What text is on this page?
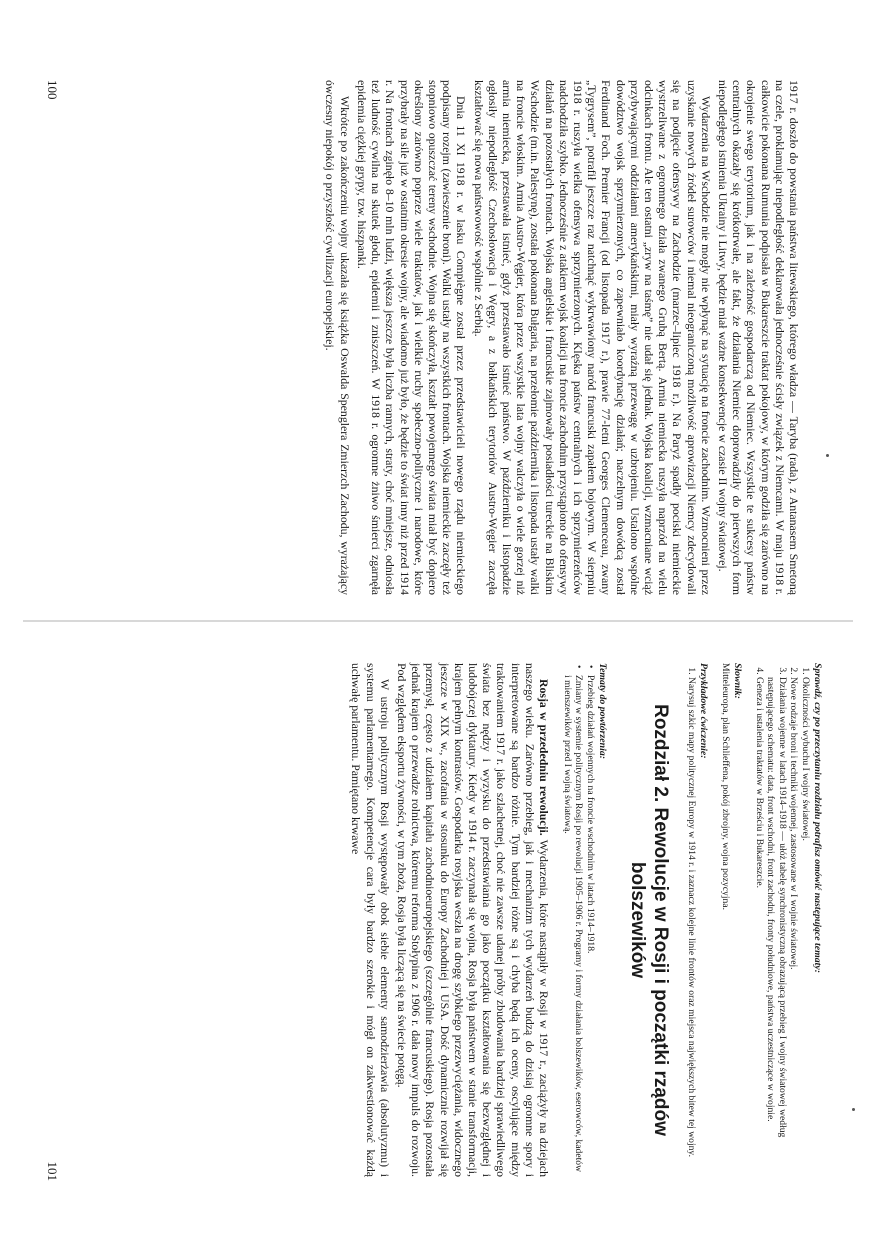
1917 r. doszło do powstania państwa litewskiego, którego władza — Taryba (rada), z Antanasem Smetoną na czele, proklamując niepodległość deklarowała jednocześnie ścisły związek z Niemcami. W maju 1918 r. całkowicie pokonana Rumunia podpisała w Bukareszcie traktat pokojowy, w którym godziła się zarówno na okrojenie swego terytorium, jak i na zależność gospodarczą od Niemiec. Wszystkie te sukcesy państw centralnych okazały się krótkotrwałe, ale fakt, że działania Niemiec doprowadziły do pierwszych form niepodległego istnienia Ukrainy i Litwy, będzie miał ważne konsekwencje w czasie II wojny światowej.

Wydarzenia na Wschodzie nie mogły nie wpłynąć na sytuację na froncie zachodnim. Wzmocnieni przez uzyskanie nowych źródeł surowców i niemal nieograniczoną możliwość aprowizacji Niemcy zdecydowali się na podjęcie ofensywy na Zachodzie (marzec–lipiec 1918 r.). Na Paryż spadły pociski niemieckie wystrzeliwane z ogromnego działa zwanego Grubą Bertą. Armia niemiecka ruszyła naprzód na wielu odcinkach frontu. Ale ten ostatni „zryw na taśmę” nie udał się jednak. Wojska koalicji, wzmacniane wciąż przybywającymi oddziałami amerykańskimi, miały wyraźną przewagę w uzbrojeniu. Ustalono wspólne dowództwo wojsk sprzymierzonych, co zapewniało koordynację działań; naczelnym dowódcą został Ferdinand Foch. Premier Francji (od listopada 1917 r.), prawie 77-letni Georges Clemenceau, zwany „Tygrysem”, potrafił jeszcze raz natchnąć wykrwawiony naród francuski zapałem bojowym. W sierpniu 1918 r. ruszyła wielka ofensywa sprzymierzonych. Klęska państw centralnych i ich sprzymierzeńców nadchodziła szybko. Jednocześnie z atakiem wojsk koalicji na froncie zachodnim przystąpiono do ofensywy działań na pozostałych frontach. Wojska angielskie i francuskie zajmowały posiadłości tureckie na Bliskim Wschodzie (m.in. Palestynę), została pokonana Bułgaria, na przełomie października i listopada ustały walki na froncie włoskim. Armia Austro-Węgier, która przez wszystkie lata wojny walczyła o wiele gorzej niż armia niemiecka, przestawała istnieć, gdyż przestawało istnieć państwo. W październiku i listopadzie ogłosiły niepodległość Czechosłowacja i Węgry, a z bałkańskich terytoriów Austro-Węgier zaczęła kształtować się nowa państwowość wspólnie z Serbią.

Dnia 11 XI 1918 r. w lasku Compiègne został przez przedstawicieli nowego rządu niemieckiego podpisany rozejm (zawieszenie broni). Walki ustały na wszystkich frontach. Wojska niemieckie zaczęły też stopniowo opuszczać tereny wschodnie. Wojna się skończyła, kształt powojennego świata miał być dopiero określony zarówno poprzez wiele traktatów, jak i wielkie ruchy społeczno-polityczne i narodowe, które przybrały na sile już w ostatnim okresie wojny, ale wiadomo już było, że będzie to świat inny niż przed 1914 r. Na frontach zginęło 8–10 mln ludzi, większa jeszcze była liczba rannych, straty, choć mniejsze, odniosła też ludność cywilna na skutek głodu, epidemii i zniszczeń. W 1918 r. ogromne żniwo śmierci zgarnęła epidemia ciężkiej grypy, tzw. hiszpanki.

Wkrótce po zakończeniu wojny ukazała się książka Oswalda Spenglera Zmierzch Zachodu, wyrażający ówczesny niepokój o przyszłość cywilizacji europejskiej.

100
Sprawdź, czy po przeczytaniu rozdziału potrafisz omówić następujące tematy:
1. Okoliczności wybuchu I wojny światowej.
2. Nowe rodzaje broni i techniki wojennej, zastosowane w I wojnie światowej.
3. Działania wojenne w latach 1914–1918 — ułóż tabelę synchronistyczną obrazującą przebieg I wojny światowej według następującego schematu: data, front wschodni, front zachodni, fronty południowe, państwa uczestniczące w wojnie.
4. Geneza i ustalenia traktatów w Brześciu i Bukareszcie.
Słownik:

Mitteleuropa, plan Schlieffena, pokój zbrojny, wojna pozycyjna.

Przykładowe ćwiczenie:
1. Narysuj szkic mapy politycznej Europy w 1914 r. i zaznacz kolejne linie frontów oraz miejsca największych bitew tej wojny.
Rozdział 2. Rewolucje w Rosji i początki rządów bolszewików
Tematy do powtórzenia:
• Przebieg działań wojennych na froncie wschodnim w latach 1914–1918.
• Zmiany w systemie politycznym Rosji po rewolucji 1905–1906 r. Programy i formy działania bolszewików, eserowców, kadetów i mienszewików przed I wojną światową.

Rosja w przededniu rewolucji. Wydarzenia, które nastąpiły w Rosji w 1917 r., zaciążyły na dziejach naszego wieku. Zarówno przebieg, jak i mechanizm tych wydarzeń budzą do dzisiaj ogromne spory i interpretowane są bardzo różnie. Tym bardziej różne są i chyba będą ich oceny, oscylujące między traktowaniem 1917 r. jako szlachetnej, choć nie zawsze udanej próby zbudowania bardziej sprawiedliwego świata bez nędzy i wyzysku do przedstawiania go jako początku kształtowania się bezwzględnej i ludobójczej dyktatury. Kiedy w 1914 r. zaczynała się wojna, Rosja była państwem w stanie transformacji, krajem pełnym kontrastów. Gospodarka rosyjska weszła na drogę szybkiego przezwyciężania, widocznego jeszcze w XIX w., zacofania w stosunku do Europy Zachodniej i USA. Dość dynamicznie rozwijał się przemysł, często z udziałem kapitału zachodnioeuropejskiego (szczególnie francuskiego). Rosja pozostała jednak krajem o przewadze rolnictwa, któremu reforma Stołypina z 1906 r. dała nowy impuls do rozwoju. Pod względem eksportu żywności, w tym zboża, Rosja była liczącą się na świecie potęgą.

W ustroju politycznym Rosji występowały obok siebie elementy samodzierżawia (absolutyzmu) i systemu parlamentarnego. Kompetencje cara były bardzo szerokie i mógł on zakwestionować każdą uchwałę parlamentu. Pamiętano krwawe

101
